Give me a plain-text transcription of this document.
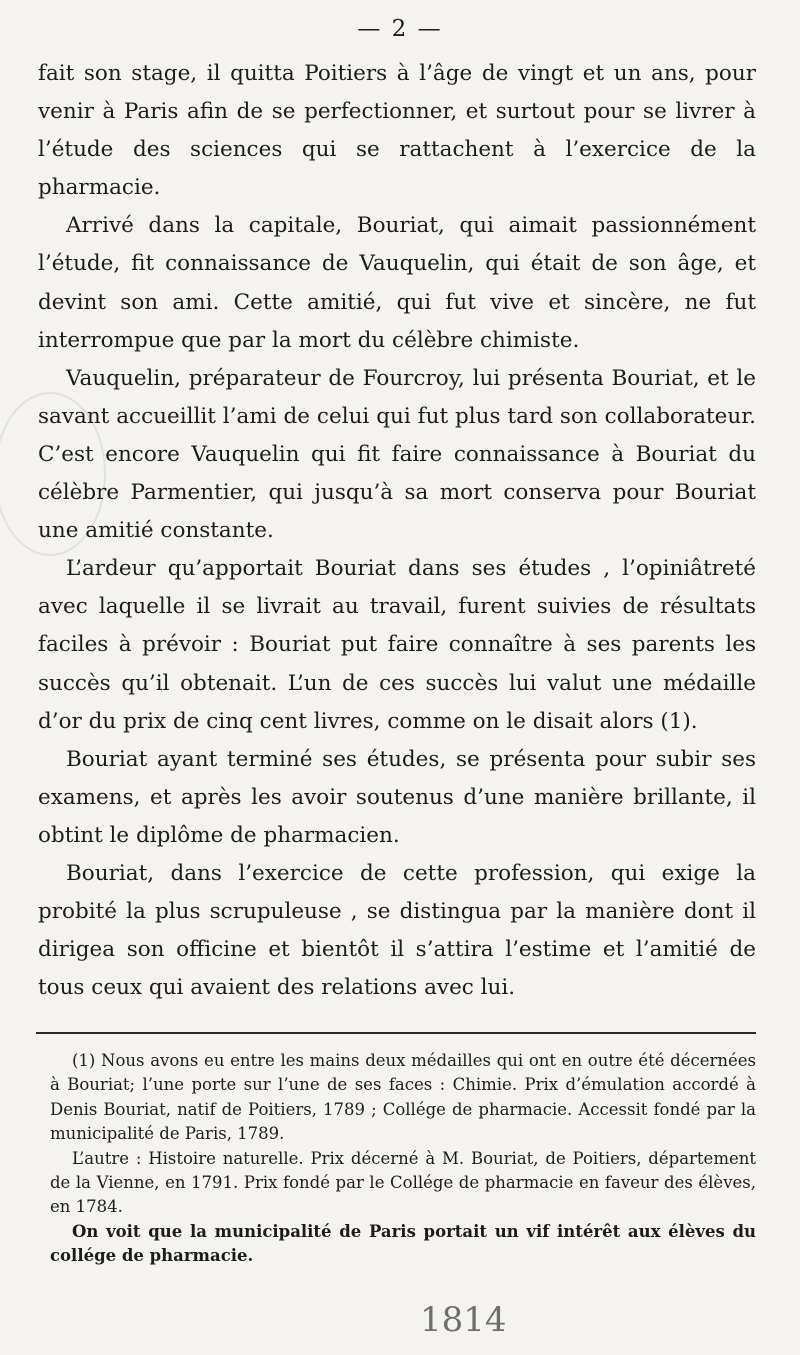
— 2 —

fait son stage, il quitta Poitiers à l’âge de vingt et un ans, pour venir à Paris afin de se perfectionner, et surtout pour se livrer à l’étude des sciences qui se rattachent à l’exercice de la pharmacie.

Arrivé dans la capitale, Bouriat, qui aimait passionnément l’étude, fit connaissance de Vauquelin, qui était de son âge, et devint son ami. Cette amitié, qui fut vive et sincère, ne fut interrompue que par la mort du célèbre chimiste.

Vauquelin, préparateur de Fourcroy, lui présenta Bouriat, et le savant accueillit l’ami de celui qui fut plus tard son collaborateur. C’est encore Vauquelin qui fit faire connaissance à Bouriat du célèbre Parmentier, qui jusqu’à sa mort conserva pour Bouriat une amitié constante.

L’ardeur qu’apportait Bouriat dans ses études , l’opiniâtreté avec laquelle il se livrait au travail, furent suivies de résultats faciles à prévoir : Bouriat put faire connaître à ses parents les succès qu’il obtenait. L’un de ces succès lui valut une médaille d’or du prix de cinq cent livres, comme on le disait alors (1).

Bouriat ayant terminé ses études, se présenta pour subir ses examens, et après les avoir soutenus d’une manière brillante, il obtint le diplôme de pharmacien.

Bouriat, dans l’exercice de cette profession, qui exige la probité la plus scrupuleuse , se distingua par la manière dont il dirigea son officine et bientôt il s’attira l’estime et l’amitié de tous ceux qui avaient des relations avec lui.

(1) Nous avons eu entre les mains deux médailles qui ont en outre été décernées à Bouriat; l’une porte sur l’une de ses faces : Chimie. Prix d’émulation accordé à Denis Bouriat, natif de Poitiers, 1789 ; Collége de pharmacie. Accessit fondé par la municipalité de Paris, 1789.

L’autre : Histoire naturelle. Prix décerné à M. Bouriat, de Poitiers, département de la Vienne, en 1791. Prix fondé par le Collége de pharmacie en faveur des élèves, en 1784.

On voit que la municipalité de Paris portait un vif intérêt aux élèves du collége de pharmacie.

1814
